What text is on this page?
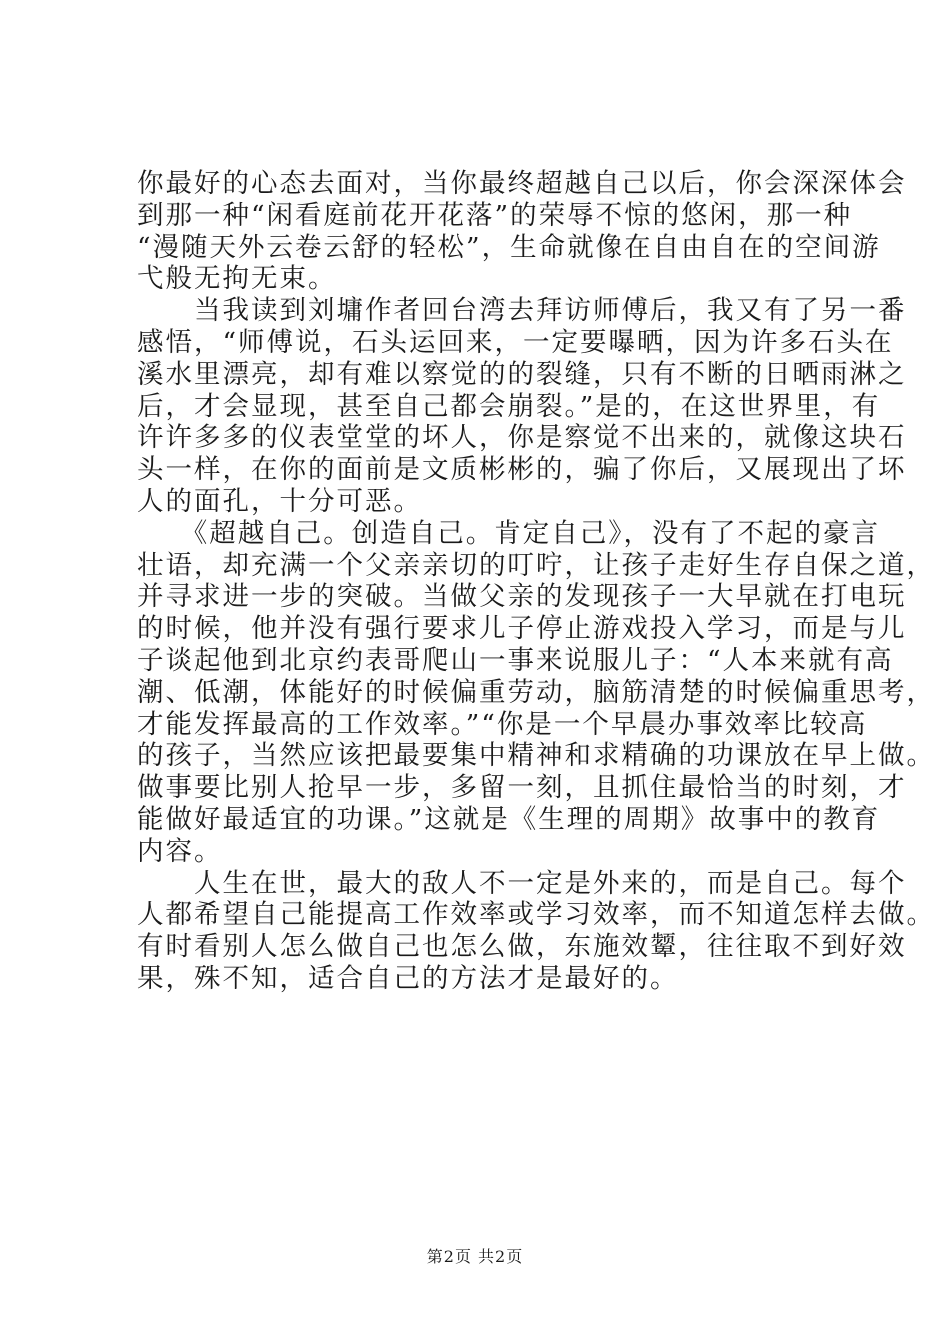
你最好的心态去面对，当你最终超越自己以后，你会深深体会
到那一种“闲看庭前花开花落”的荣辱不惊的悠闲，那一种
“漫随天外云卷云舒的轻松”，生命就像在自由自在的空间游
弋般无拘无束。
　　当我读到刘墉作者回台湾去拜访师傅后，我又有了另一番
感悟，“师傅说，石头运回来，一定要曝晒，因为许多石头在
溪水里漂亮，却有难以察觉的的裂缝，只有不断的日晒雨淋之
后，才会显现，甚至自己都会崩裂。”是的，在这世界里，有
许许多多的仪表堂堂的坏人，你是察觉不出来的，就像这块石
头一样，在你的面前是文质彬彬的，骗了你后，又展现出了坏
人的面孔，十分可恶。
　　《超越自己。创造自己。肯定自己》，没有了不起的豪言
壮语，却充满一个父亲亲切的叮咛，让孩子走好生存自保之道，
并寻求进一步的突破。当做父亲的发现孩子一大早就在打电玩
的时候，他并没有强行要求儿子停止游戏投入学习，而是与儿
子谈起他到北京约表哥爬山一事来说服儿子：“人本来就有高
潮、低潮，体能好的时候偏重劳动，脑筋清楚的时候偏重思考，
才能发挥最高的工作效率。”“你是一个早晨办事效率比较高
的孩子，当然应该把最要集中精神和求精确的功课放在早上做。
做事要比别人抢早一步，多留一刻，且抓住最恰当的时刻，才
能做好最适宜的功课。”这就是《生理的周期》故事中的教育
内容。
　　人生在世，最大的敌人不一定是外来的，而是自己。每个
人都希望自己能提高工作效率或学习效率，而不知道怎样去做。
有时看别人怎么做自己也怎么做，东施效颦，往往取不到好效
果，殊不知，适合自己的方法才是最好的。
第2页 共2页
